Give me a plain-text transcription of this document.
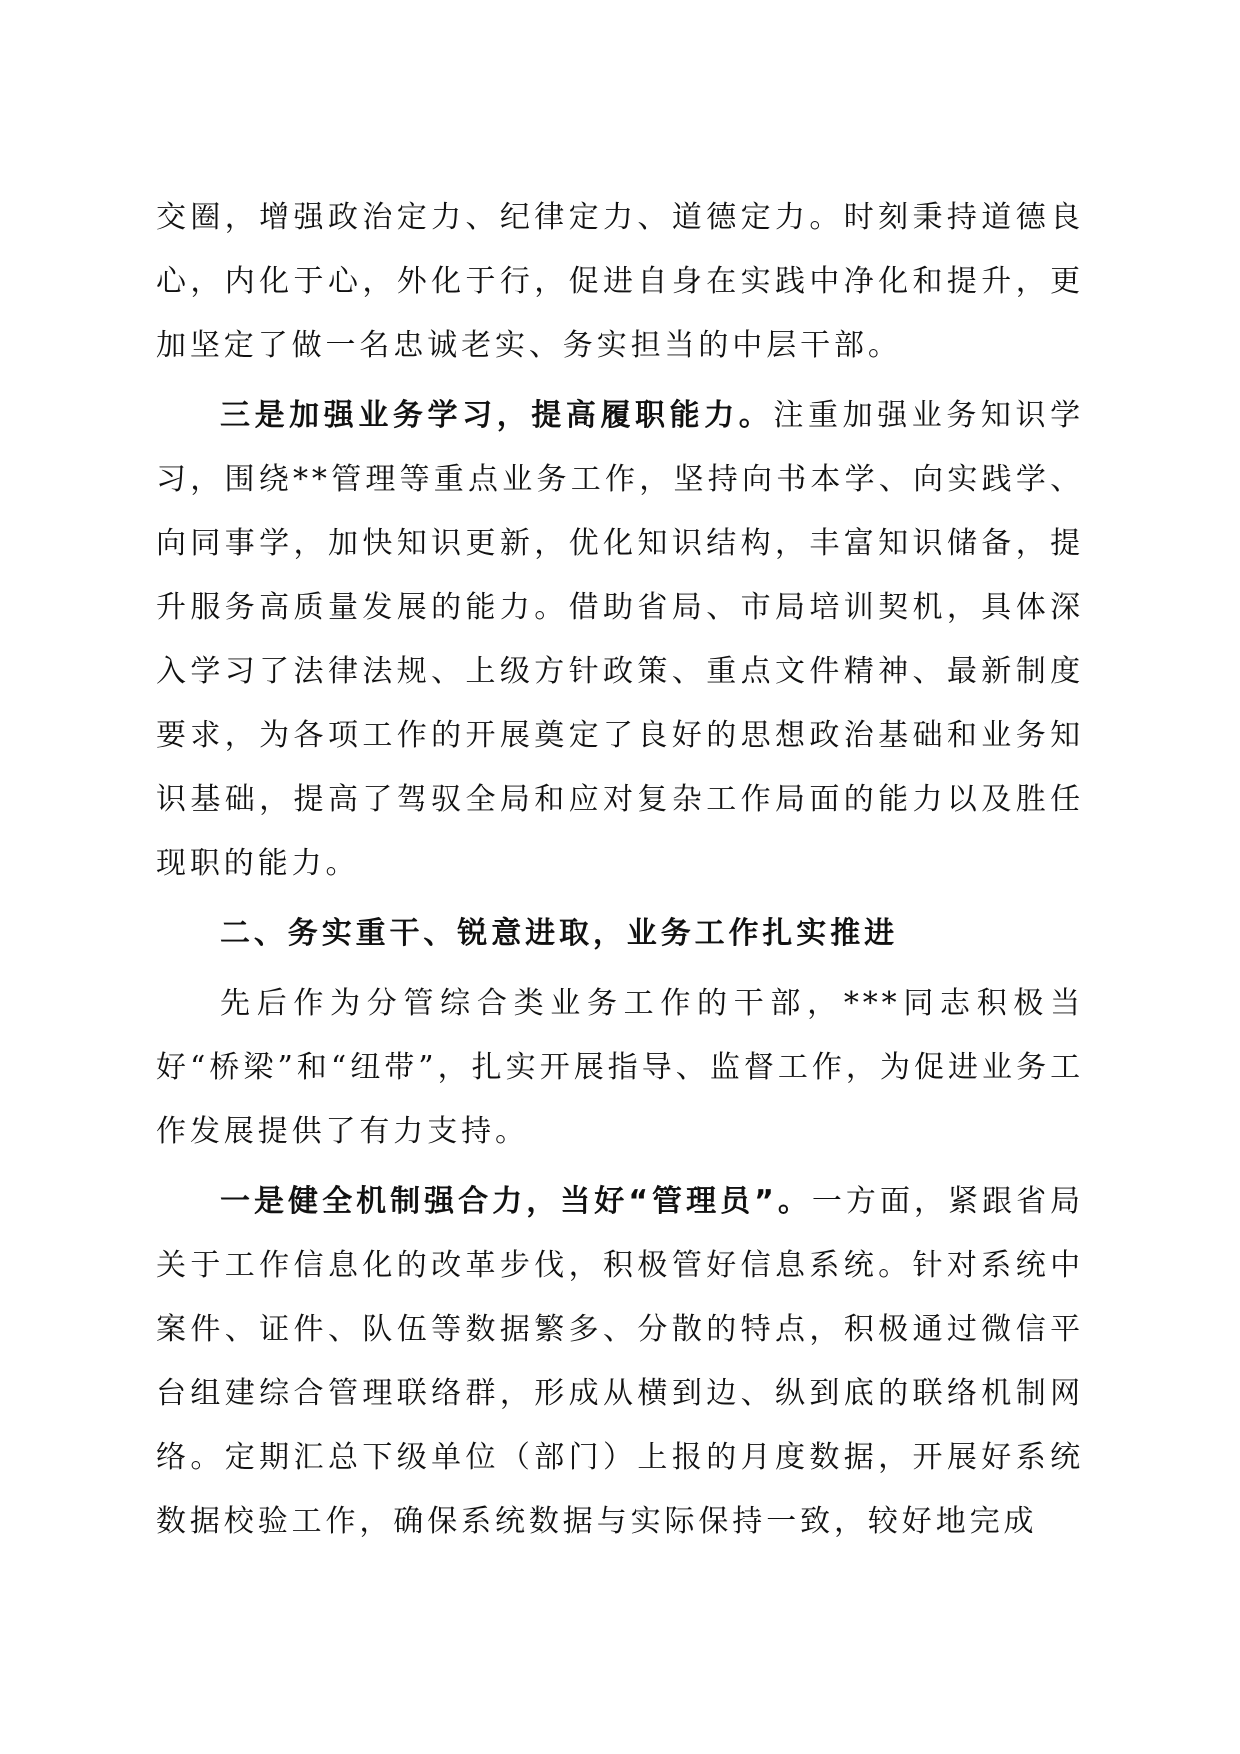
交圈，增强政治定力、纪律定力、道德定力。时刻秉持道德良心，内化于心，外化于行，促进自身在实践中净化和提升，更加坚定了做一名忠诚老实、务实担当的中层干部。

三是加强业务学习，提高履职能力。注重加强业务知识学习，围绕**管理等重点业务工作，坚持向书本学、向实践学、向同事学，加快知识更新，优化知识结构，丰富知识储备，提升服务高质量发展的能力。借助省局、市局培训契机，具体深入学习了法律法规、上级方针政策、重点文件精神、最新制度要求，为各项工作的开展奠定了良好的思想政治基础和业务知识基础，提高了驾驭全局和应对复杂工作局面的能力以及胜任现职的能力。

二、务实重干、锐意进取，业务工作扎实推进

先后作为分管综合类业务工作的干部，***同志积极当好“桥梁”和“纽带”，扎实开展指导、监督工作，为促进业务工作发展提供了有力支持。

一是健全机制强合力，当好“管理员”。一方面，紧跟省局关于工作信息化的改革步伐，积极管好信息系统。针对系统中案件、证件、队伍等数据繁多、分散的特点，积极通过微信平台组建综合管理联络群，形成从横到边、纵到底的联络机制网络。定期汇总下级单位（部门）上报的月度数据，开展好系统数据校验工作，确保系统数据与实际保持一致，较好地完成
